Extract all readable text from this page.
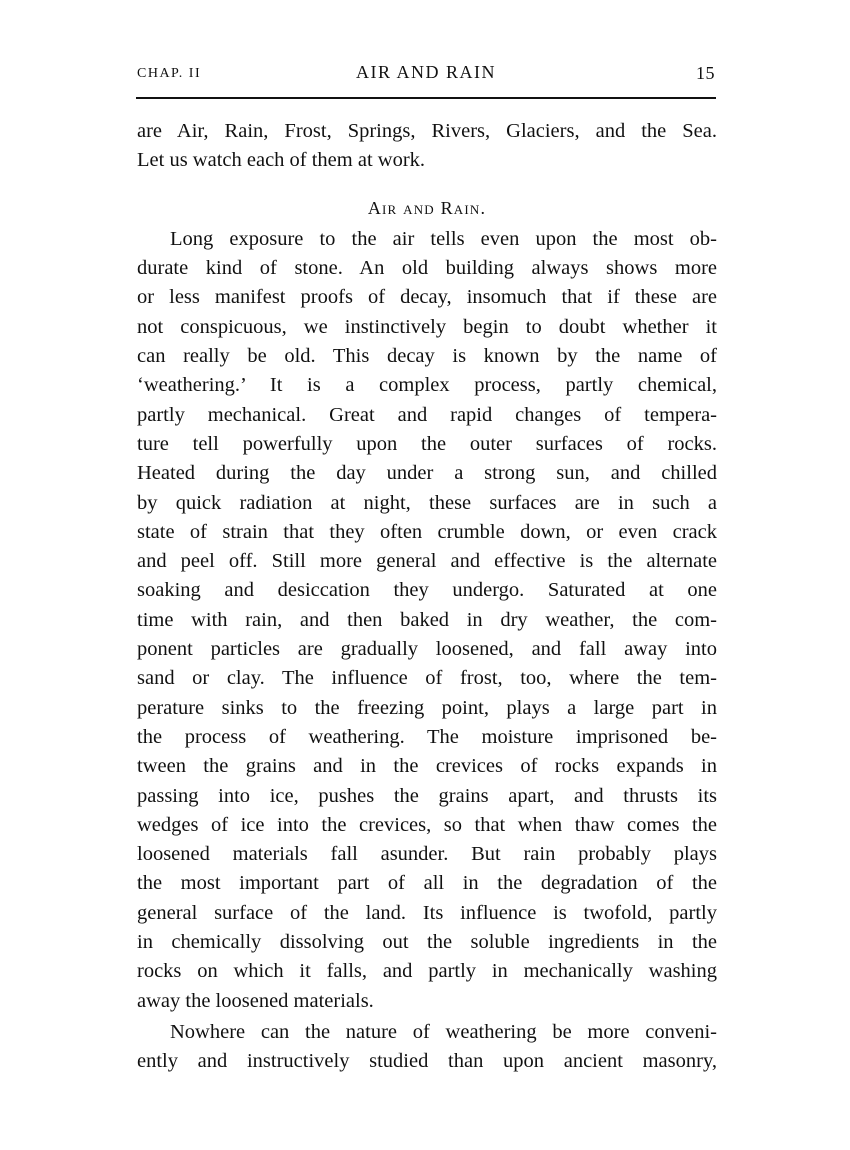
CHAP. II	AIR AND RAIN	15
are Air, Rain, Frost, Springs, Rivers, Glaciers, and the Sea.
Let us watch each of them at work.
Air and Rain.
Long exposure to the air tells even upon the most ob-
durate kind of stone. An old building always shows more
or less manifest proofs of decay, insomuch that if these are
not conspicuous, we instinctively begin to doubt whether it
can really be old. This decay is known by the name of
‘weathering.’ It is a complex process, partly chemical,
partly mechanical. Great and rapid changes of tempera-
ture tell powerfully upon the outer surfaces of rocks.
Heated during the day under a strong sun, and chilled
by quick radiation at night, these surfaces are in such a
state of strain that they often crumble down, or even crack
and peel off. Still more general and effective is the alternate
soaking and desiccation they undergo. Saturated at one
time with rain, and then baked in dry weather, the com-
ponent particles are gradually loosened, and fall away into
sand or clay. The influence of frost, too, where the tem-
perature sinks to the freezing point, plays a large part in
the process of weathering. The moisture imprisoned be-
tween the grains and in the crevices of rocks expands in
passing into ice, pushes the grains apart, and thrusts its
wedges of ice into the crevices, so that when thaw comes the
loosened materials fall asunder. But rain probably plays
the most important part of all in the degradation of the
general surface of the land. Its influence is twofold, partly
in chemically dissolving out the soluble ingredients in the
rocks on which it falls, and partly in mechanically washing
away the loosened materials.
Nowhere can the nature of weathering be more conveni-
ently and instructively studied than upon ancient masonry,
